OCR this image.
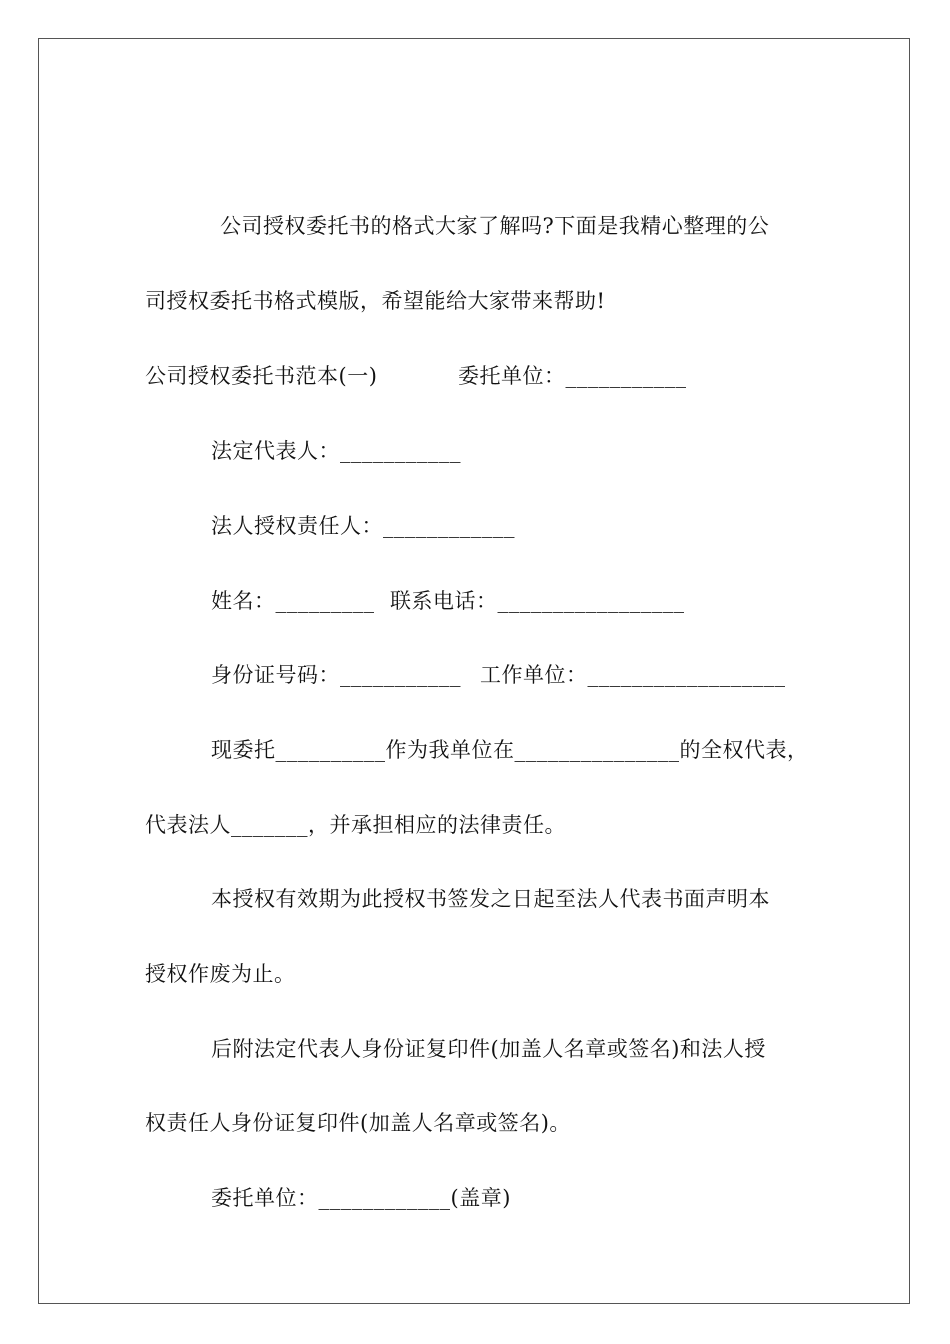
公司授权委托书的格式大家了解吗?下面是我精心整理的公
司授权委托书格式模版，希望能给大家带来帮助!
公司授权委托书范本(一)	委托单位：___________
法定代表人：___________
法人授权责任人：____________
姓名：_________ 联系电话：_________________
身份证号码：___________ 工作单位：__________________
现委托__________作为我单位在_______________的全权代表，
代表法人_______，并承担相应的法律责任。
本授权有效期为此授权书签发之日起至法人代表书面声明本
授权作废为止。
后附法定代表人身份证复印件(加盖人名章或签名)和法人授
权责任人身份证复印件(加盖人名章或签名)。
委托单位：____________(盖章)
